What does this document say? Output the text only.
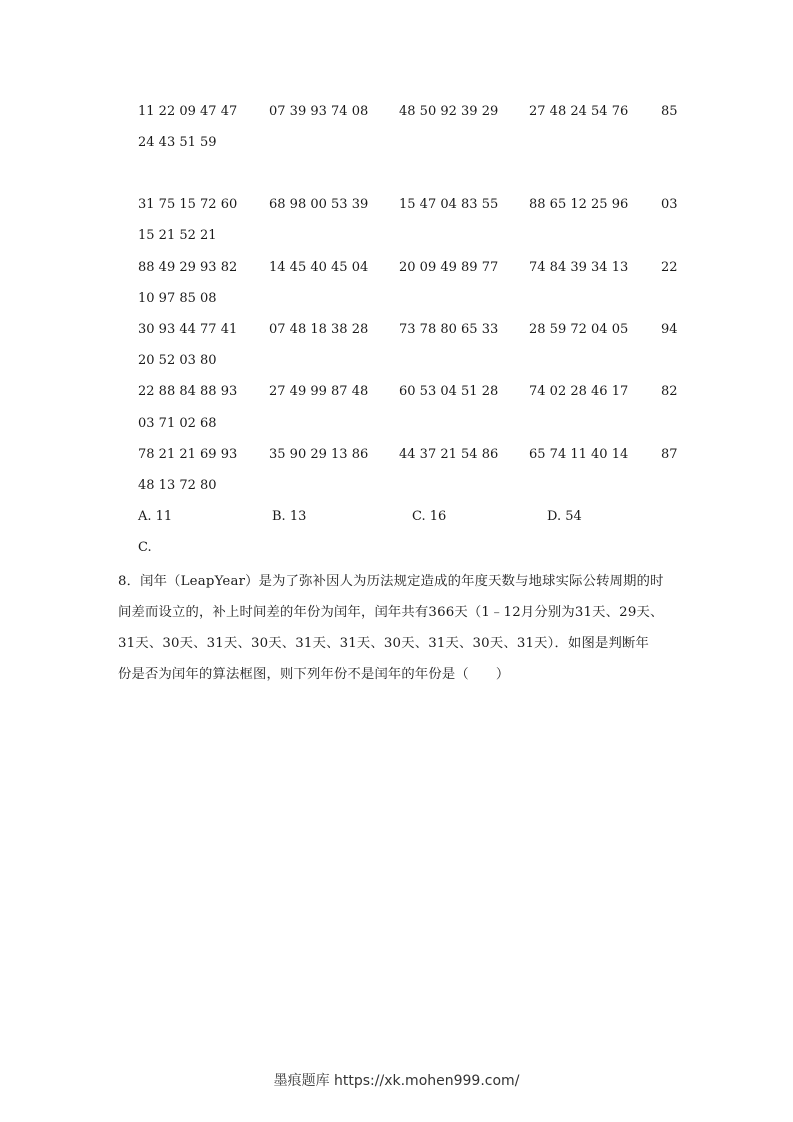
11 22 09 47 47 07 39 93 74 08 48 50 92 39 29 27 48 24 54 76	85
24 43 51 59
31 75 15 72 60 68 98 00 53 39 15 47 04 83 55 88 65 12 25 96	03
15 21 52 21
88 49 29 93 82 14 45 40 45 04 20 09 49 89 77 74 84 39 34 13	22
10 97 85 08
30 93 44 77 41 07 48 18 38 28 73 78 80 65 33 28 59 72 04 05	94
20 52 03 80
22 88 84 88 93 27 49 99 87 48 60 53 04 51 28 74 02 28 46 17	82
03 71 02 68
78 21 21 69 93 35 90 29 13 86 44 37 21 54 86 65 74 11 40 14	87
48 13 72 80
A. 11	B. 13	C. 16	D. 54
C.
8．闰年（LeapYear）是为了弥补因人为历法规定造成的年度天数与地球实际公转周期的时
间差而设立的，补上时间差的年份为闰年，闰年共有366天（1﹣12月分别为31天、29天、
31天、30天、31天、30天、31天、31天、30天、31天、30天、31天）．如图是判断年
份是否为闰年的算法框图，则下列年份不是闰年的年份是（　　）
墨痕题库 https://xk.mohen999.com/
